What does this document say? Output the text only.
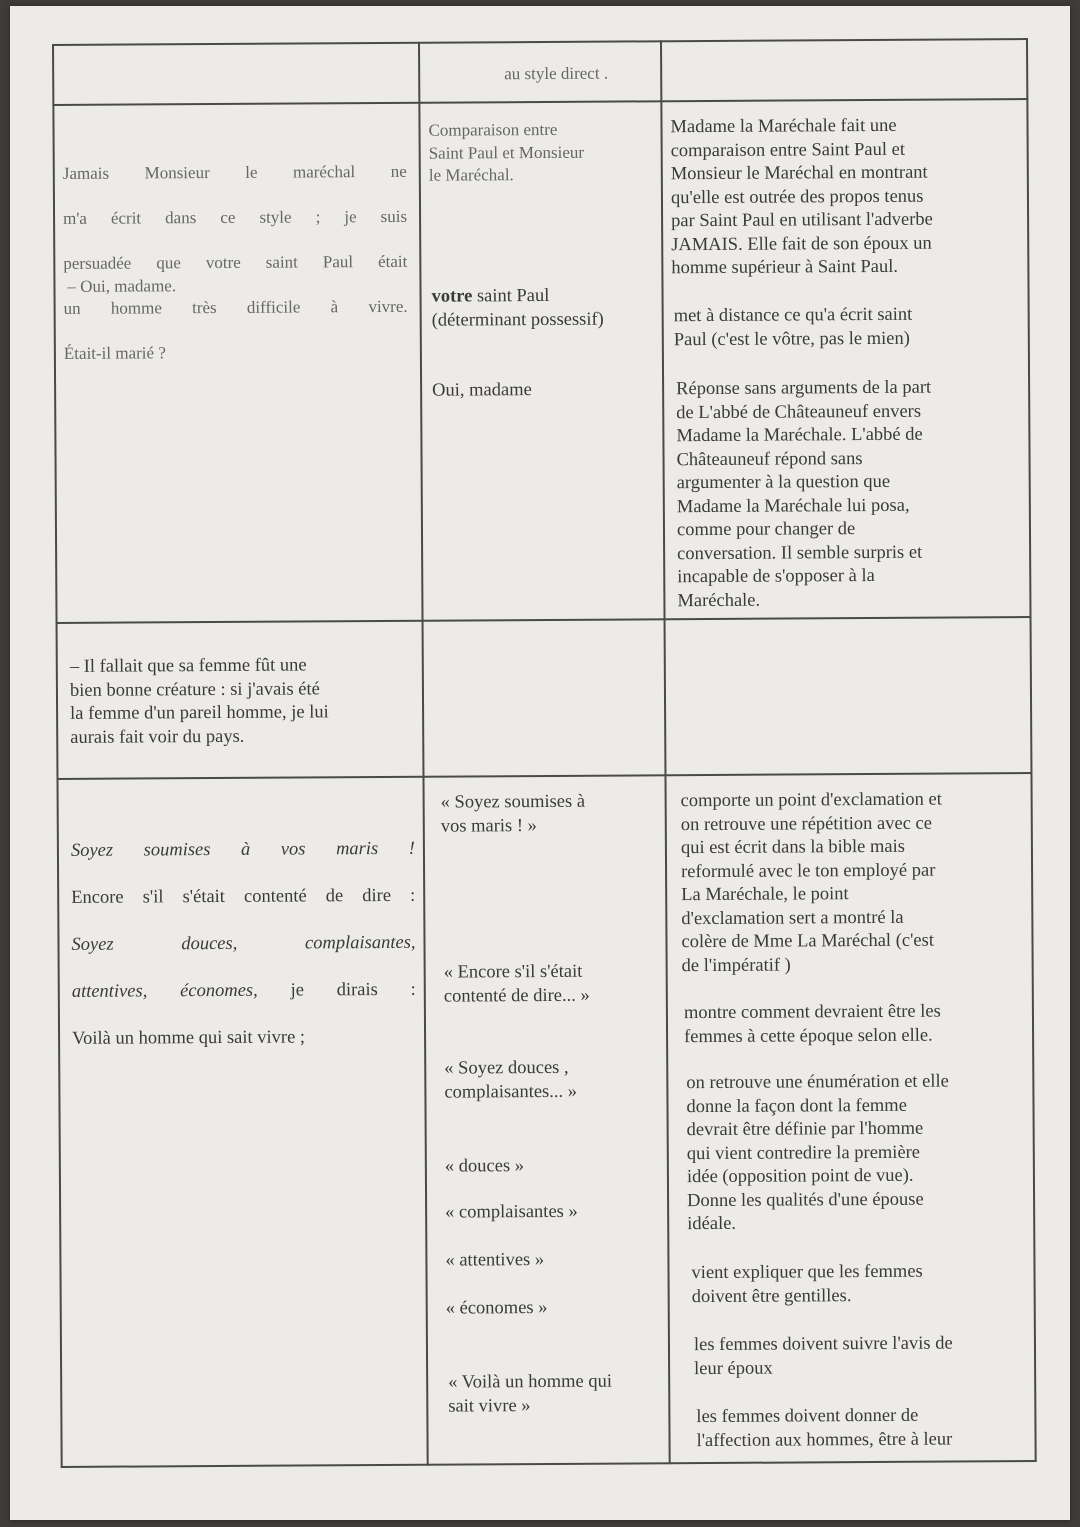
au style direct .

Jamais Monsieur le maréchal ne

m'a écrit dans ce style ; je suis

persuadée que votre saint Paul était

un homme très difficile à vivre.

Était-il marié ?

– Oui, madame.
Comparaison entre
Saint Paul et Monsieur
le Maréchal.
votre saint Paul
(déterminant possessif)
Oui, madame
Madame la Maréchale fait une
comparaison entre Saint Paul et
Monsieur le Maréchal en montrant
qu'elle est outrée des propos tenus
par Saint Paul en utilisant l'adverbe
JAMAIS. Elle fait de son époux un
homme supérieur à Saint Paul.
met à distance ce qu'a écrit saint
Paul (c'est le vôtre, pas le mien)
Réponse sans arguments de la part
de L'abbé de Châteauneuf envers
Madame la Maréchale. L'abbé de
Châteauneuf répond sans
argumenter à la question que
Madame la Maréchale lui posa,
comme pour changer de
conversation. Il semble surpris et
incapable de s'opposer à la
Maréchale.
– Il fallait que sa femme fût une
bien bonne créature : si j'avais été
la femme d'un pareil homme, je lui
aurais fait voir du pays.

Soyez soumises à vos maris !

Encore s'il s'était contenté de dire :

Soyez douces, complaisantes,

attentives, économes, je dirais :

Voilà un homme qui sait vivre ;

« Soyez soumises à
vos maris ! »
« Encore s'il s'était
contenté de dire... »
« Soyez douces ,
complaisantes... »
« douces »
« complaisantes »
« attentives »
« économes »
« Voilà un homme qui
sait vivre »
comporte un point d'exclamation et
on retrouve une répétition avec ce
qui est écrit dans la bible mais
reformulé avec le ton employé par
La Maréchale, le point
d'exclamation sert a montré la
colère de Mme La Maréchal (c'est
de l'impératif )
montre comment devraient être les
femmes à cette époque selon elle.
on retrouve une énumération et elle
donne la façon dont la femme
devrait être définie par l'homme
qui vient contredire la première
idée (opposition point de vue).
Donne les qualités d'une épouse
idéale.
vient expliquer que les femmes
doivent être gentilles.
les femmes doivent suivre l'avis de
leur époux
les femmes doivent donner de
l'affection aux hommes, être à leur
